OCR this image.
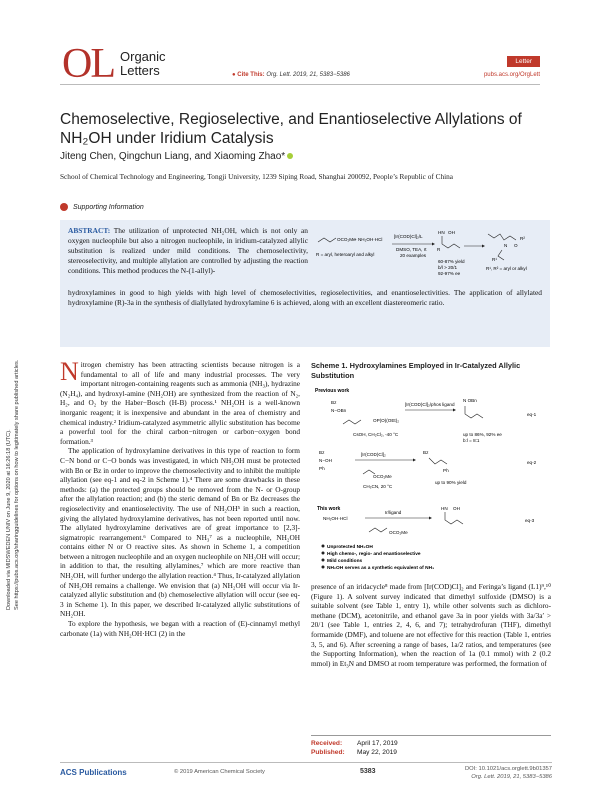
Downloaded via MIDSWEDEN UNIV on June 9, 2020 at 16:26:18 (UTC). See https://pubs.acs.org/sharingguidelines for options on how to legitimately share published articles.
OL Organic
Letters
Letter
● Cite This: Org. Lett. 2019, 21, 5383−5386	pubs.acs.org/OrgLett
Chemoselective, Regioselective, and Enantioselective Allylations of NH₂OH under Iridium Catalysis
Jiteng Chen, Qingchun Liang, and Xiaoming Zhao*
School of Chemical Technology and Engineering, Tongji University, 1239 Siping Road, Shanghai 200092, People’s Republic of China
Supporting Information
ABSTRACT: The utilization of unprotected NH₂OH, which is not only an oxygen nucleophile but also a nitrogen nucleophile, in iridium-catalyzed allylic substitution is realized under mild conditions. The chemoselectivity, stereoselectivity, and multiple allylation are controlled by adjusting the reaction conditions. This method produces the N-(1-allyl)-
R = aryl, heteroaryl and alkyl
OCO₂Me
+ NH₂OH·HCl
[Ir(COD)Cl]₂/L
DMSO, TEA, rt
20 examples
HN OH
R
60-87% yield
b/l > 20/1
92-97% ee
N O
R¹
R²
R¹, R² = aryl or alkyl
hydroxylamines in good to high yields with high level of chemoselectivities, regioselectivities, and enantioselectivities. The application of allylated hydroxylamine (R)-3a in the synthesis of diallylated hydroxylamine 6 is achieved, along with an excellent diastereomeric ratio.

Nitrogen chemistry has been attracting scientists because nitrogen is a fundamental to all of life and many industrial processes. The very important nitrogen-containing reagents such as ammonia (NH₃), hydrazine (N₂H₄), and hydroxyl-amine (NH₂OH) are synthesized from the reaction of N₂, H₂, and O₂ by the Haber−Bosch (H-B) process.¹ NH₂OH is a well-known inorganic reagent; it is inexpensive and abundant in the area of chemistry and chemical industry.² Iridium-catalyzed asymmetric allylic substitution has become a powerful tool for the chiral carbon−nitrogen or carbon−oxygen bond formation.³

The application of hydroxylamine derivatives in this type of reaction to form C−N bond or C−O bonds was investigated, in which NH₂OH must be protected with Bn or Bz in order to improve the chemoselectivity and to inhibit the multiple allylation (see eq-1 and eq-2 in Scheme 1).⁴ There are some drawbacks in these methods: (a) the protected groups should be removed from the N- or O-group after the allylation reaction; and (b) the steric demand of Bn or Bz decreases the regioselectivity and enantioselectivity. The use of NH₂OH⁵ in such a reaction, giving the allylated hydroxylamine derivatives, has not been reported until now. The allylated hydroxylamine derivatives are of great importance to [2,3]-sigmatropic rearrangement.⁶ Compared to NH₃⁷ as a nucleophile, NH₂OH contains either N or O reactive sites. As shown in Scheme 1, a competition between a nitrogen nucleophile and an oxygen nucleophile on NH₂OH will occur; in addition to that, the resulting allylamines,⁷ which are more reactive than NH₂OH, will further undergo the allylation reaction.⁴ Thus, Ir-catalyzed allylation of NH₂OH remains a challenge. We envision that (a) NH₂OH will occur via Ir-catalyzed allylic substitution and (b) chemoselective allylation will occur (see eq-3 in Scheme 1). In this paper, we described Ir-catalyzed allylic substitutions of NH₂OH.

To explore the hypothesis, we began with a reaction of (E)-cinnamyl methyl carbonate (1a) with NH₂OH·HCl (2) in the

Scheme 1. Hydroxylamines Employed in Ir-Catalyzed Allylic Substitution
Previous work
Bz
N−OBn
OP(O)(OEt)₂
[Ir(COD)Cl]₂/phos ligand
CsOH, CH₂Cl₂, -40 °C
N OBn
up to 86%, 92% ee
b:l = 8:1
eq-1
Bz
N−OH
Ph
[Ir(COD)Cl]₂
OCO₂Me
CH₃CN, 20 °C
Bz
Ph
up to 90% yield
eq-2
This work
NH₂OH·HCl
Ir/ligand
OCO₂Me
HN OH
eq-3
Unprotected NH₂OH
High chemo-, regio- and enantioselective
Mild conditions
NH₂OH serves as a synthetic equivalent of NH₃
presence of an iridacycle⁸ made from [Ir(COD)Cl]₂ and Feringa’s ligand (L1)⁹,¹⁰ (Figure 1). A solvent survey indicated that dimethyl sulfoxide (DMSO) is a suitable solvent (see Table 1, entry 1), while other solvents such as dichloro-methane (DCM), acetonitrile, and ethanol gave 3a in poor yields with 3a/3a′ > 20/1 (see Table 1, entries 2, 4, 6, and 7); tetrahydrofuran (THF), dimethyl formamide (DMF), and toluene are not effective for this reaction (Table 1, entries 3, 5, and 6). After screening a range of bases, 1a/2 ratios, and temperatures (see the Supporting Information), when the reaction of 1a (0.1 mmol) with 2 (0.2 mmol) in Et₃N and DMSO at room temperature was performed, the formation of
Received: April 17, 2019
Published: May 22, 2019
ACS Publications	© 2019 American Chemical Society	5383	DOI: 10.1021/acs.orglett.9b01357
Org. Lett. 2019, 21, 5383−5386
